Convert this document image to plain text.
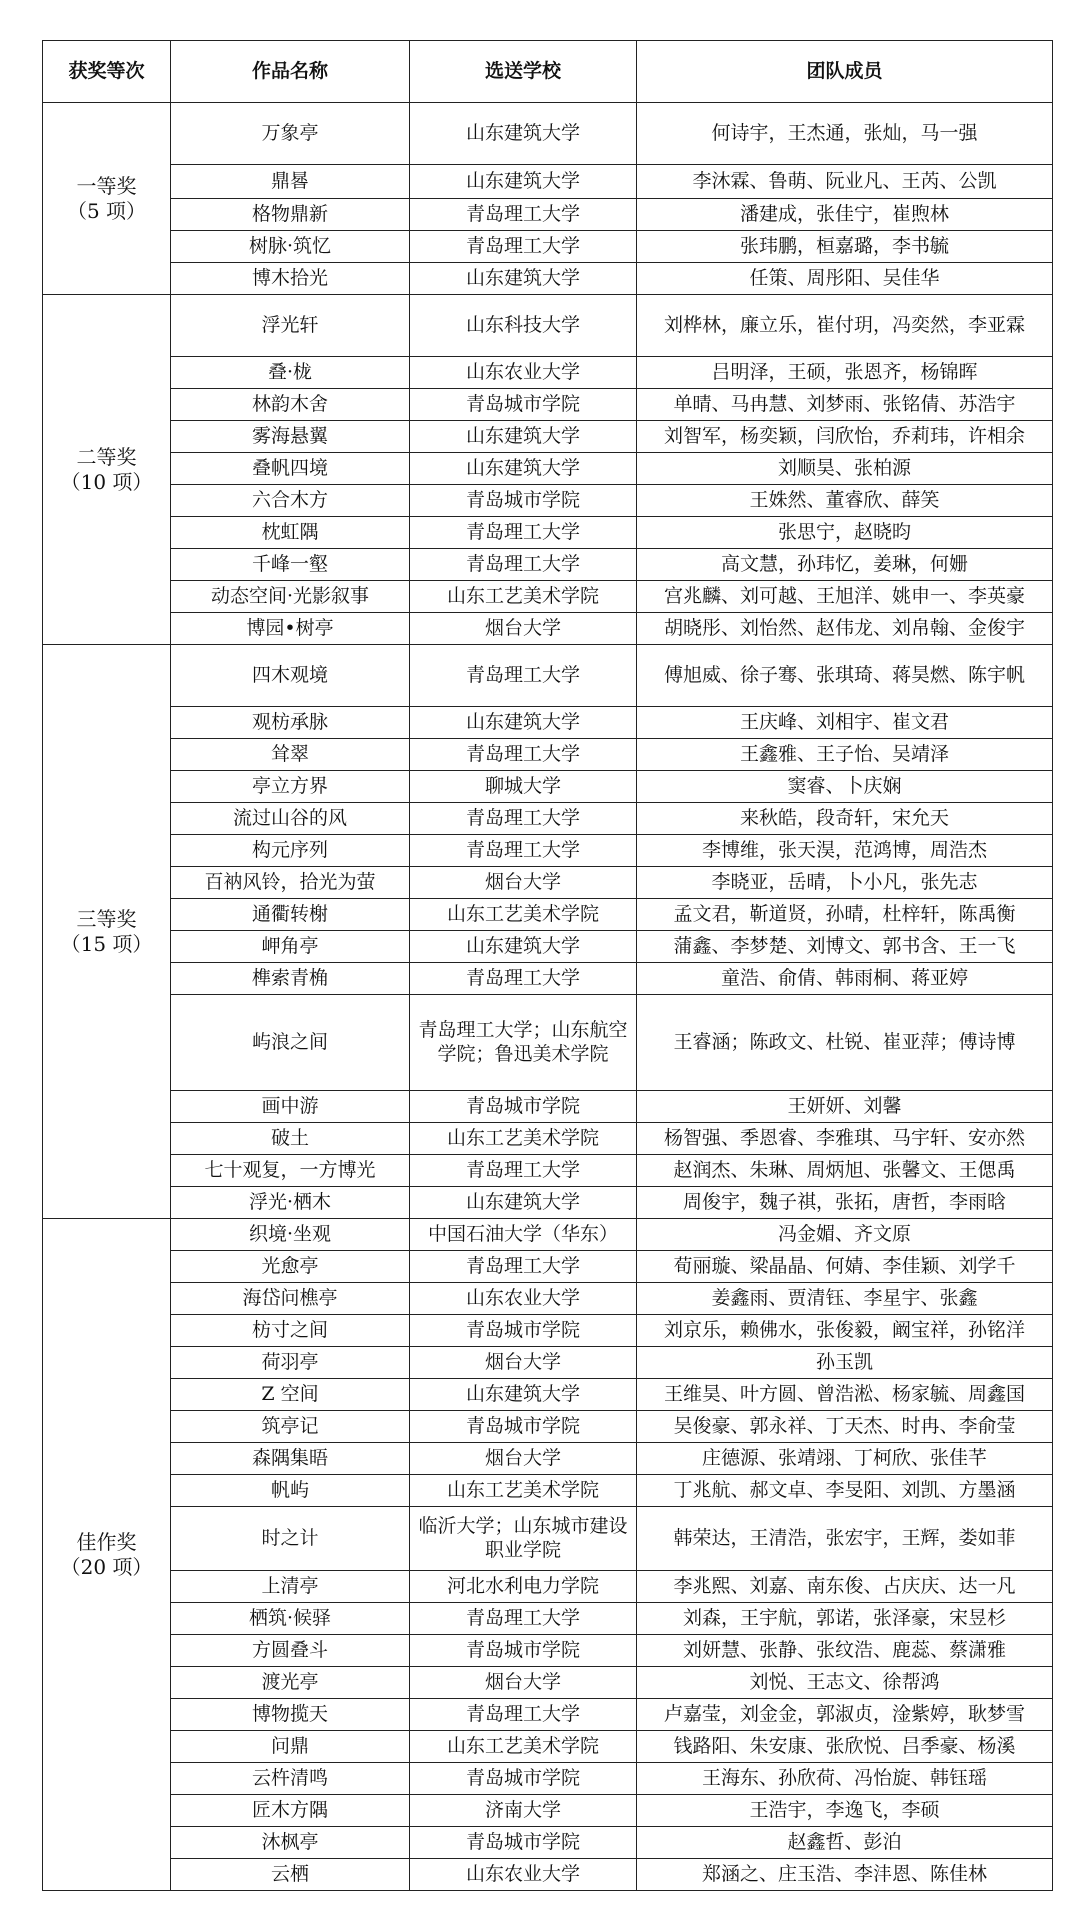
获奖等次	作品名称	选送学校	团队成员

一等奖
（5 项）	万象亭	山东建筑大学	何诗宇，王杰通，张灿，马一强
	鼎晷	山东建筑大学	李沐霖、鲁萌、阮业凡、王芮、公凯
	格物鼎新	青岛理工大学	潘建成，张佳宁，崔煦林
	树脉·筑忆	青岛理工大学	张玮鹏，桓嘉璐，李书毓
	博木拾光	山东建筑大学	任策、周彤阳、吴佳华

二等奖
（10 项）	浮光轩	山东科技大学	刘桦林，廉立乐，崔付玥，冯奕然，李亚霖
	叠·栊	山东农业大学	吕明泽，王硕，张恩齐，杨锦晖
	林韵木舍	青岛城市学院	单晴、马冉慧、刘梦雨、张铭倩、苏浩宇
	雾海悬翼	山东建筑大学	刘智军，杨奕颖，闫欣怡，乔莉玮，许相余
	叠帆四境	山东建筑大学	刘顺昊、张柏源
	六合木方	青岛城市学院	王姝然、董睿欣、薛笑
	枕虹隅	青岛理工大学	张思宁，赵晓昀
	千峰一壑	青岛理工大学	高文慧，孙玮忆，姜琳，何姗
	动态空间·光影叙事	山东工艺美术学院	宫兆麟、刘可越、王旭洋、姚申一、李英豪
	博园•树亭	烟台大学	胡晓彤、刘怡然、赵伟龙、刘帛翰、金俊宇

三等奖
（15 项）	四木观境	青岛理工大学	傅旭威、徐子骞、张琪琦、蒋昊燃、陈宇帆
	观枋承脉	山东建筑大学	王庆峰、刘相宇、崔文君
	耸翠	青岛理工大学	王鑫雅、王子怡、吴靖泽
	亭立方界	聊城大学	窦睿、卜庆娴
	流过山谷的风	青岛理工大学	来秋皓，段奇轩，宋允天
	构元序列	青岛理工大学	李博维，张天淏，范鸿博，周浩杰
	百衲风铃，拾光为萤	烟台大学	李晓亚，岳晴，卜小凡，张先志
	通衢转榭	山东工艺美术学院	孟文君，靳道贤，孙晴，杜梓轩，陈禹衡
	岬角亭	山东建筑大学	蒲鑫、李梦楚、刘博文、郭书含、王一飞
	榫索青桷	青岛理工大学	童浩、俞倩、韩雨桐、蒋亚婷
	屿浪之间	青岛理工大学；山东航空学院；鲁迅美术学院	王睿涵；陈政文、杜锐、崔亚萍；傅诗博
	画中游	青岛城市学院	王妍妍、刘馨
	破土	山东工艺美术学院	杨智强、季恩睿、李雅琪、马宇轩、安亦然
	七十观复，一方博光	青岛理工大学	赵润杰、朱琳、周炳旭、张馨文、王偲禹
	浮光·栖木	山东建筑大学	周俊宇，魏子祺，张拓，唐哲，李雨晗

佳作奖
（20 项）	织境·坐观	中国石油大学（华东）	冯金媚、齐文原
	光愈亭	青岛理工大学	荀丽璇、梁晶晶、何婧、李佳颖、刘学千
	海岱问樵亭	山东农业大学	姜鑫雨、贾清钰、李星宇、张鑫
	枋寸之间	青岛城市学院	刘京乐，赖佛水，张俊毅，阚宝祥，孙铭洋
	荷羽亭	烟台大学	孙玉凯
	Z 空间	山东建筑大学	王维昊、叶方圆、曾浩淞、杨家毓、周鑫国
	筑亭记	青岛城市学院	吴俊豪、郭永祥、丁天杰、时冉、李俞莹
	森隅集晤	烟台大学	庄德源、张靖翊、丁柯欣、张佳芊
	帆屿	山东工艺美术学院	丁兆航、郝文卓、李旻阳、刘凯、方墨涵
	时之计	临沂大学；山东城市建设职业学院	韩荣达，王清浩，张宏宇，王辉，娄如菲
	上清亭	河北水利电力学院	李兆熙、刘嘉、南东俊、占庆庆、达一凡
	栖筑·候驿	青岛理工大学	刘森，王宇航，郭诺，张泽豪，宋昱杉
	方圆叠斗	青岛城市学院	刘妍慧、张静、张纹浩、鹿蕊、蔡潇雅
	渡光亭	烟台大学	刘悦、王志文、徐帮鸿
	博物揽天	青岛理工大学	卢嘉莹，刘金金，郭淑贞，淦紫婷，耿梦雪
	问鼎	山东工艺美术学院	钱路阳、朱安康、张欣悦、吕季豪、杨溪
	云杵清鸣	青岛城市学院	王海东、孙欣荷、冯怡旋、韩钰瑶
	匠木方隅	济南大学	王浩宇，李逸飞，李硕
	沐枫亭	青岛城市学院	赵鑫哲、彭泊
	云栖	山东农业大学	郑涵之、庄玉浩、李沣恩、陈佳林
